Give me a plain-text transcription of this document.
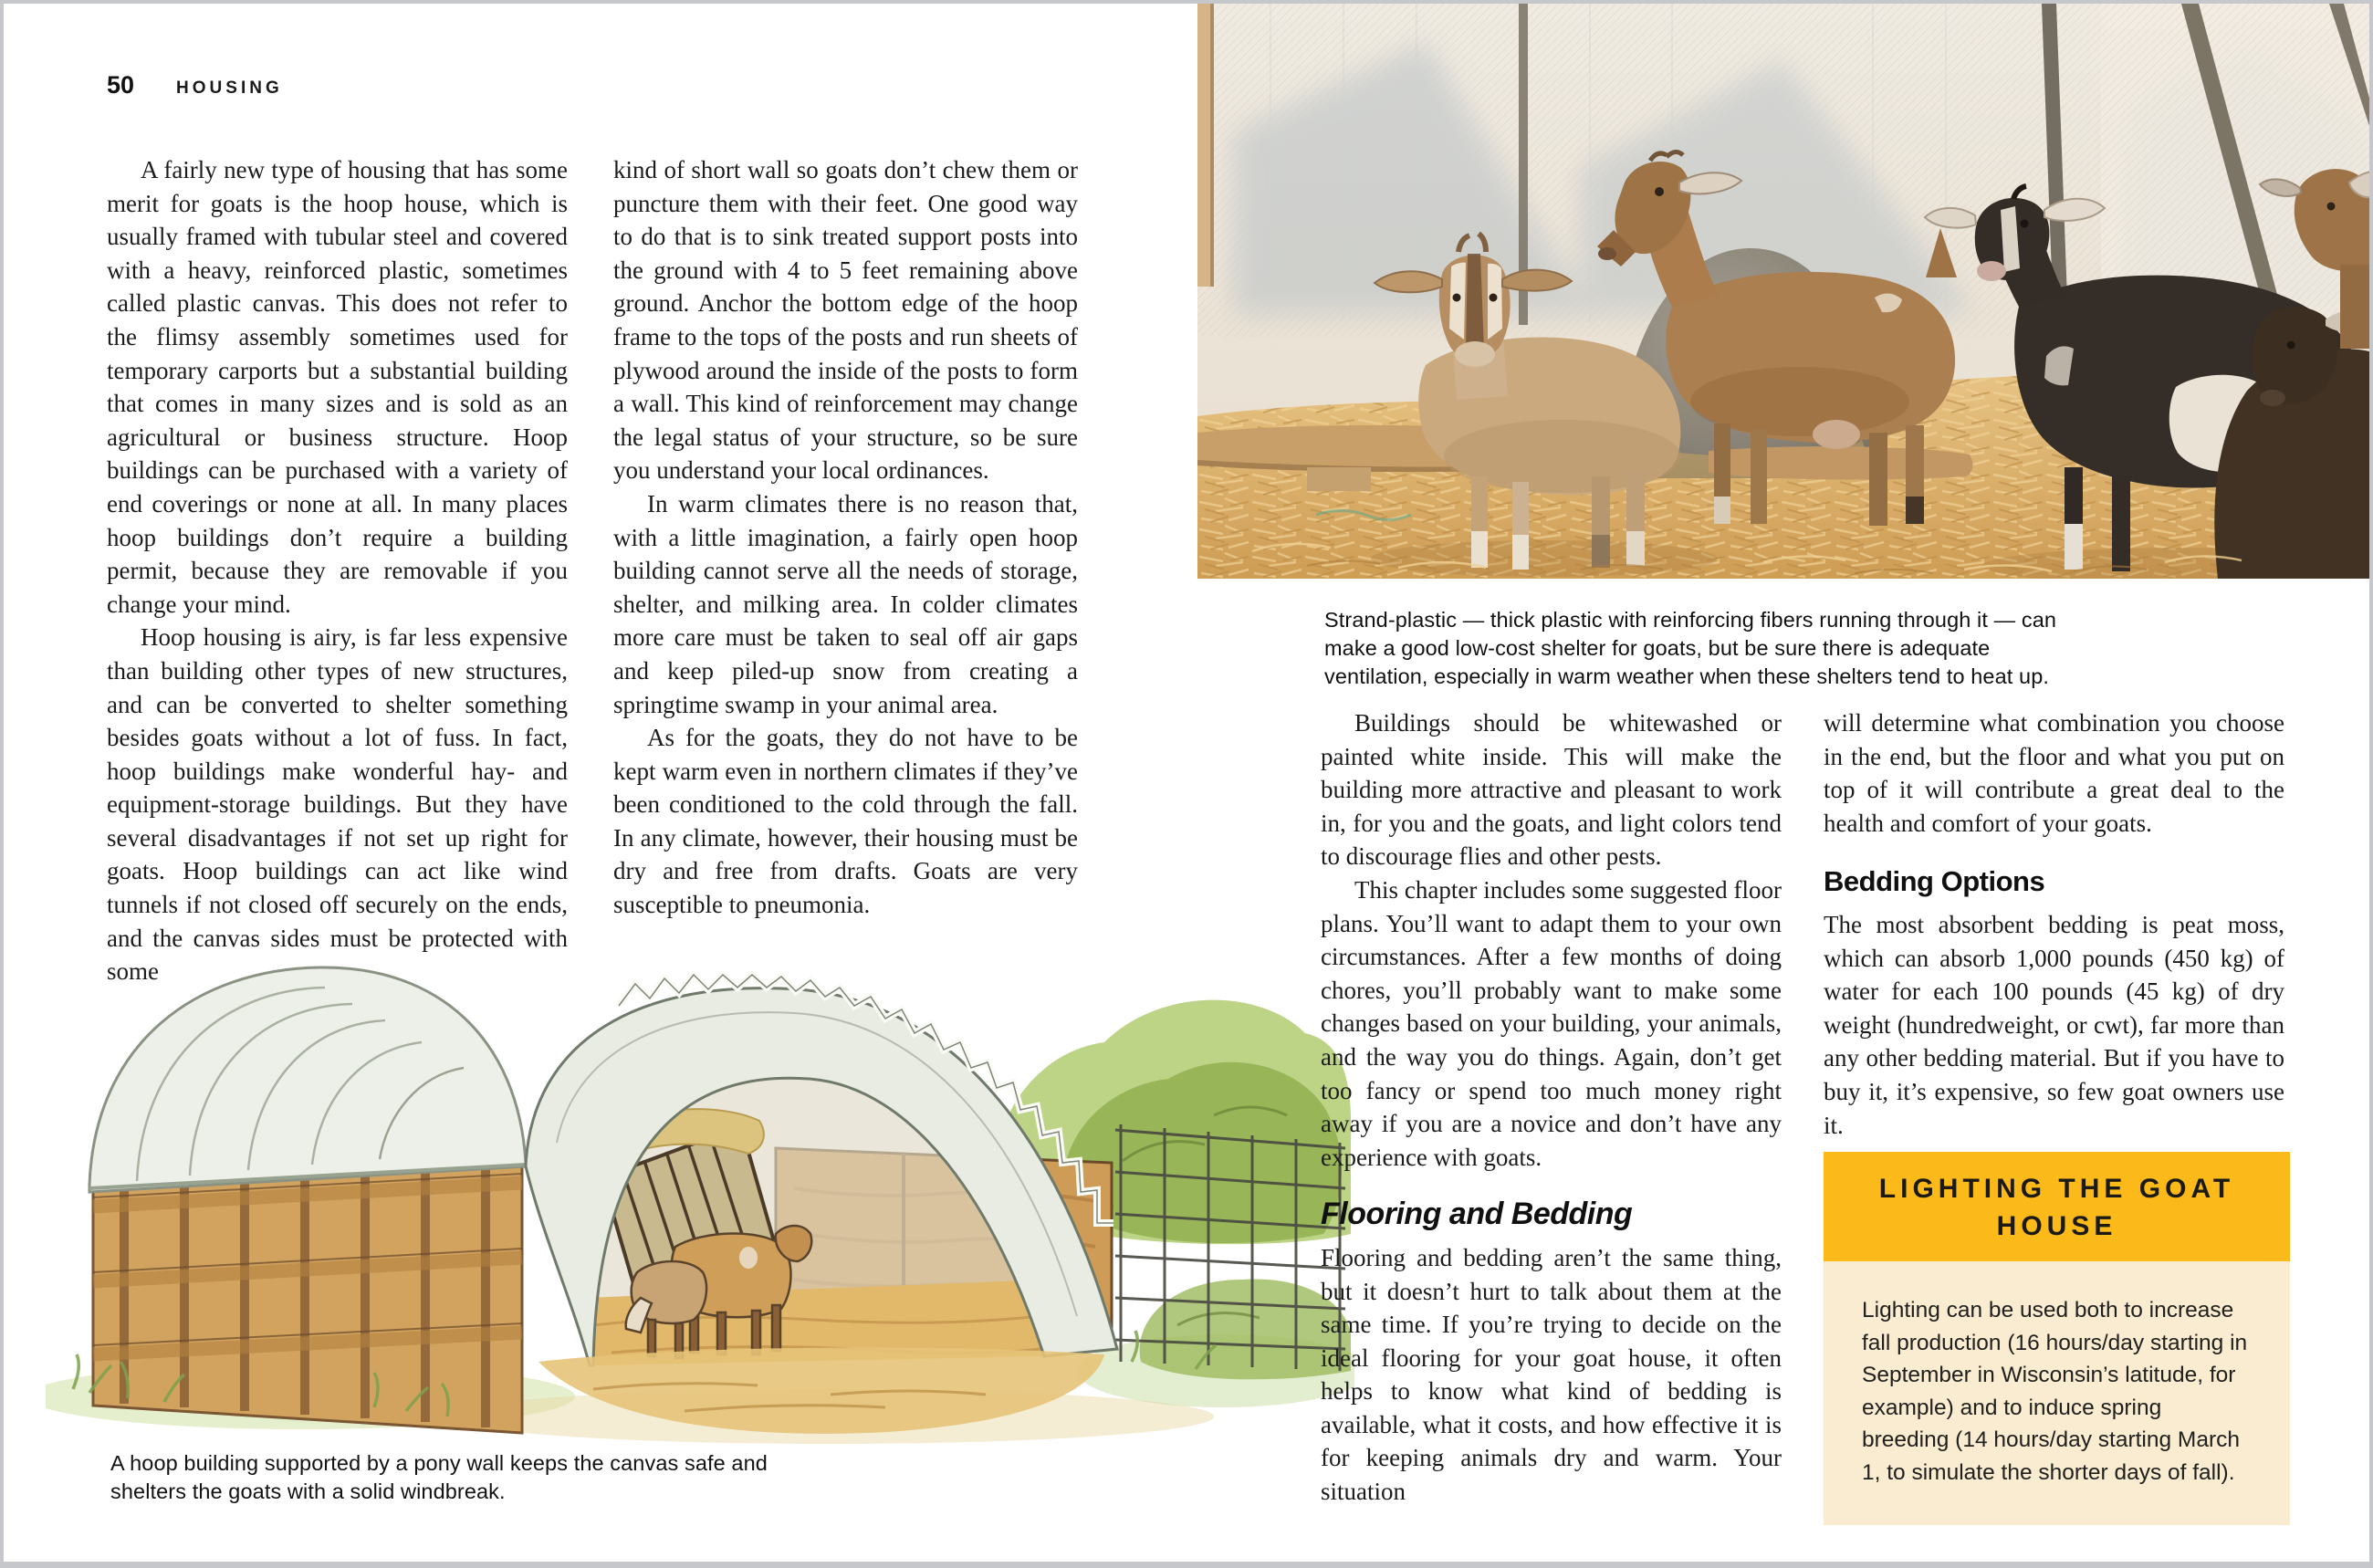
50 HOUSING

A fairly new type of housing that has some merit for goats is the hoop house, which is usually framed with tubular steel and covered with a heavy, reinforced plastic, sometimes called plastic canvas. This does not refer to the flimsy assembly sometimes used for temporary carports but a substantial building that comes in many sizes and is sold as an agricultural or business structure. Hoop buildings can be purchased with a variety of end coverings or none at all. In many places hoop buildings don’t require a building permit, because they are removable if you change your mind.

Hoop housing is airy, is far less expensive than building other types of new structures, and can be converted to shelter something besides goats without a lot of fuss. In fact, hoop buildings make wonderful hay- and equipment-storage buildings. But they have several disadvantages if not set up right for goats. Hoop buildings can act like wind tunnels if not closed off securely on the ends, and the canvas sides must be protected with some

kind of short wall so goats don’t chew them or puncture them with their feet. One good way to do that is to sink treated support posts into the ground with 4 to 5 feet remaining above ground. Anchor the bottom edge of the hoop frame to the tops of the posts and run sheets of plywood around the inside of the posts to form a wall. This kind of reinforcement may change the legal status of your structure, so be sure you understand your local ordinances.

In warm climates there is no reason that, with a little imagination, a fairly open hoop building cannot serve all the needs of storage, shelter, and milking area. In colder climates more care must be taken to seal off air gaps and keep piled-up snow from creating a springtime swamp in your animal area.

As for the goats, they do not have to be kept warm even in northern climates if they’ve been conditioned to the cold through the fall. In any climate, however, their housing must be dry and free from drafts. Goats are very susceptible to pneumonia.

A hoop building supported by a pony wall keeps the canvas safe and shelters the goats with a solid windbreak.
Strand-plastic — thick plastic with reinforcing fibers running through it — can make a good low-cost shelter for goats, but be sure there is adequate ventilation, especially in warm weather when these shelters tend to heat up.

Buildings should be whitewashed or painted white inside. This will make the building more attractive and pleasant to work in, for you and the goats, and light colors tend to discourage flies and other pests.

This chapter includes some suggested floor plans. You’ll want to adapt them to your own circumstances. After a few months of doing chores, you’ll probably want to make some changes based on your building, your animals, and the way you do things. Again, don’t get too fancy or spend too much money right away if you are a novice and don’t have any experience with goats.

Flooring and Bedding

Flooring and bedding aren’t the same thing, but it doesn’t hurt to talk about them at the same time. If you’re trying to decide on the ideal flooring for your goat house, it often helps to know what kind of bedding is available, what it costs, and how effective it is for keeping animals dry and warm. Your situation

will determine what combination you choose in the end, but the floor and what you put on top of it will contribute a great deal to the health and comfort of your goats.

Bedding Options

The most absorbent bedding is peat moss, which can absorb 1,000 pounds (450 kg) of water for each 100 pounds (45 kg) of dry weight (hundredweight, or cwt), far more than any other bedding material. But if you have to buy it, it’s expensive, so few goat owners use it.

LIGHTING THE GOAT HOUSE
Lighting can be used both to increase fall production (16 hours/day starting in September in Wisconsin’s latitude, for example) and to induce spring breeding (14 hours/day starting March 1, to simulate the shorter days of fall).
